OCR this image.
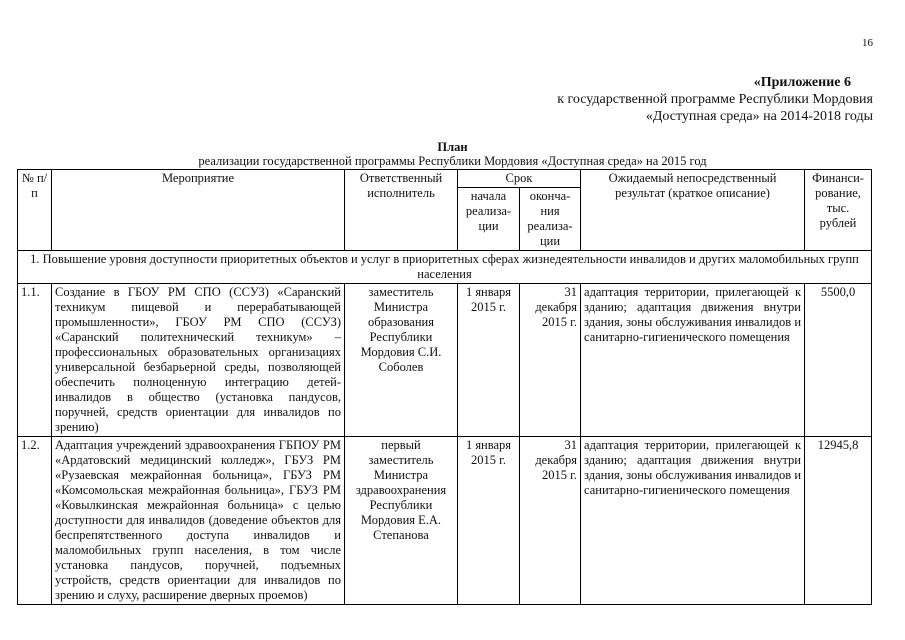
16
«Приложение 6
к государственной программе Республики Мордовия
«Доступная среда» на 2014-2018 годы
План
реализации государственной программы Республики Мордовия «Доступная среда» на 2015 год
№ п/п	Мероприятие	Ответственный исполнитель	Срок		Ожидаемый непосредственный результат (краткое описание)	Финанси-рование, тыс. рублей
			начала реализа-ции	оконча-ния реализа-ции		
1. Повышение уровня доступности приоритетных объектов и услуг в приоритетных сферах жизнедеятельности инвалидов и других маломобильных групп населения						
1.1.	Создание в ГБОУ РМ СПО (ССУЗ) «Саранский техникум пищевой и перерабатывающей промышленности», ГБОУ РМ СПО (ССУЗ) «Саранский политехнический техникум» – профессиональных образовательных организациях универсальной безбарьерной среды, позволяющей обеспечить полноценную интеграцию детей-инвалидов в общество (установка пандусов, поручней, средств ориентации для инвалидов по зрению)	заместитель Министра образования Республики Мордовия С.И. Соболев	1 января 2015 г.	31 декабря 2015 г.	адаптация территории, прилегающей к зданию; адаптация движения внутри здания, зоны обслуживания инвалидов и санитарно-гигиенического помещения	5500,0
1.2.	Адаптация учреждений здравоохранения ГБПОУ РМ «Ардатовский медицинский колледж», ГБУЗ РМ «Рузаевская межрайонная больница», ГБУЗ РМ «Комсомольская межрайонная больница», ГБУЗ РМ «Ковылкинская межрайонная больница» с целью доступности для инвалидов (доведение объектов для беспрепятственного доступа инвалидов и маломобильных групп населения, в том числе установка пандусов, поручней, подъемных устройств, средств ориентации для инвалидов по зрению и слуху, расширение дверных проемов)	первый заместитель Министра здравоохранения Республики Мордовия Е.А. Степанова	1 января 2015 г.	31 декабря 2015 г.	адаптация территории, прилегающей к зданию; адаптация движения внутри здания, зоны обслуживания инвалидов и санитарно-гигиенического помещения	12945,8
